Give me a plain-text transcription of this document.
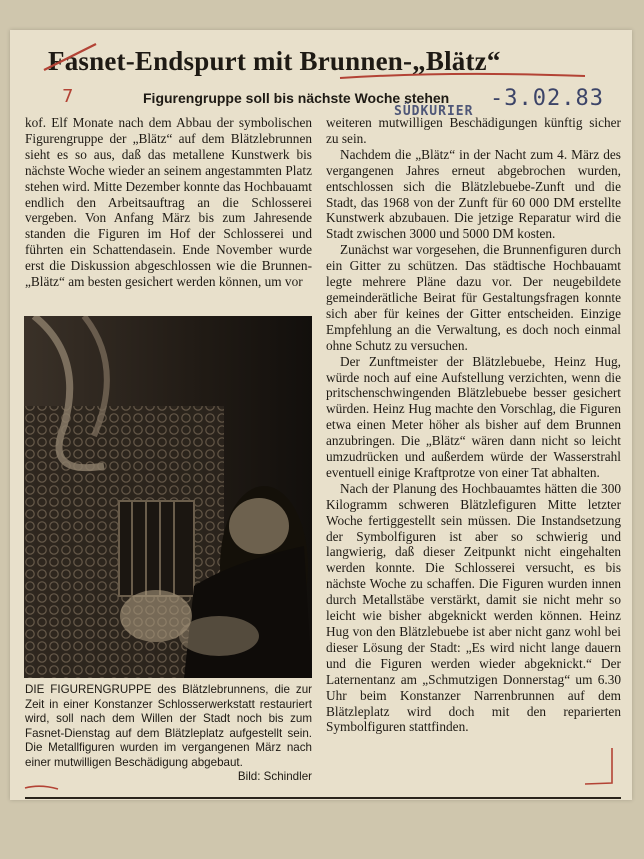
Fasnet-Endspurt mit Brunnen-„Blätz“
7	Figurengruppe soll bis nächste Woche stehen
SÜDKURIER
-3.02.83

kof. Elf Monate nach dem Abbau der symbolischen Figurengruppe der „Blätz“ auf dem Blätzlebrunnen sieht es so aus, daß das metallene Kunstwerk bis nächste Woche wieder an seinem angestammten Platz stehen wird. Mitte Dezember konnte das Hochbauamt endlich den Arbeitsauftrag an die Schlosserei vergeben. Von Anfang März bis zum Jahresende standen die Figuren im Hof der Schlosserei und führten ein Schattendasein. Ende November wurde erst die Diskussion abgeschlossen wie die Brunnen-„Blätz“ am besten gesichert werden können, um vor

DIE FIGURENGRUPPE des Blätzlebrunnens, die zur Zeit in einer Konstanzer Schlosserwerkstatt restauriert wird, soll nach dem Willen der Stadt noch bis zum Fasnet-Dienstag auf dem Blätzleplatz aufgestellt sein. Die Metallfiguren wurden im vergangenen März nach einer mutwilligen Beschädigung abgebaut.
Bild: Schindler

weiteren mutwilligen Beschädigungen künftig sicher zu sein.

Nachdem die „Blätz“ in der Nacht zum 4. März des vergangenen Jahres erneut abgebrochen wurden, entschlossen sich die Blätzlebuebe-Zunft und die Stadt, das 1968 von der Zunft für 60 000 DM erstellte Kunstwerk abzubauen. Die jetzige Reparatur wird die Stadt zwischen 3000 und 5000 DM kosten.

Zunächst war vorgesehen, die Brunnenfiguren durch ein Gitter zu schützen. Das städtische Hochbauamt legte mehrere Pläne dazu vor. Der neugebildete gemeinderätliche Beirat für Gestaltungsfragen konnte sich aber für keines der Gitter entscheiden. Einzige Empfehlung an die Verwaltung, es doch noch einmal ohne Schutz zu versuchen.

Der Zunftmeister der Blätzlebuebe, Heinz Hug, würde noch auf eine Aufstellung verzichten, wenn die pritschenschwingenden Blätzlebuebe besser gesichert würden. Heinz Hug machte den Vorschlag, die Figuren etwa einen Meter höher als bisher auf dem Brunnen anzubringen. Die „Blätz“ wären dann nicht so leicht umzudrücken und außerdem würde der Wasserstrahl eventuell einige Kraftprotze von einer Tat abhalten.

Nach der Planung des Hochbauamtes hätten die 300 Kilogramm schweren Blätzlefiguren Mitte letzter Woche fertiggestellt sein müssen. Die Instandsetzung der Symbolfiguren ist aber so schwierig und langwierig, daß dieser Zeitpunkt nicht eingehalten werden konnte. Die Schlosserei versucht, es bis nächste Woche zu schaffen. Die Figuren wurden innen durch Metallstäbe verstärkt, damit sie nicht mehr so leicht wie bisher abgeknickt werden können. Heinz Hug von den Blätzlebuebe ist aber nicht ganz wohl bei dieser Lösung der Stadt: „Es wird nicht lange dauern und die Figuren werden wieder abgeknickt.“ Der Laternentanz am „Schmutzigen Donnerstag“ um 6.30 Uhr beim Konstanzer Narrenbrunnen auf dem Blätzleplatz wird doch mit den reparierten Symbolfiguren stattfinden.
